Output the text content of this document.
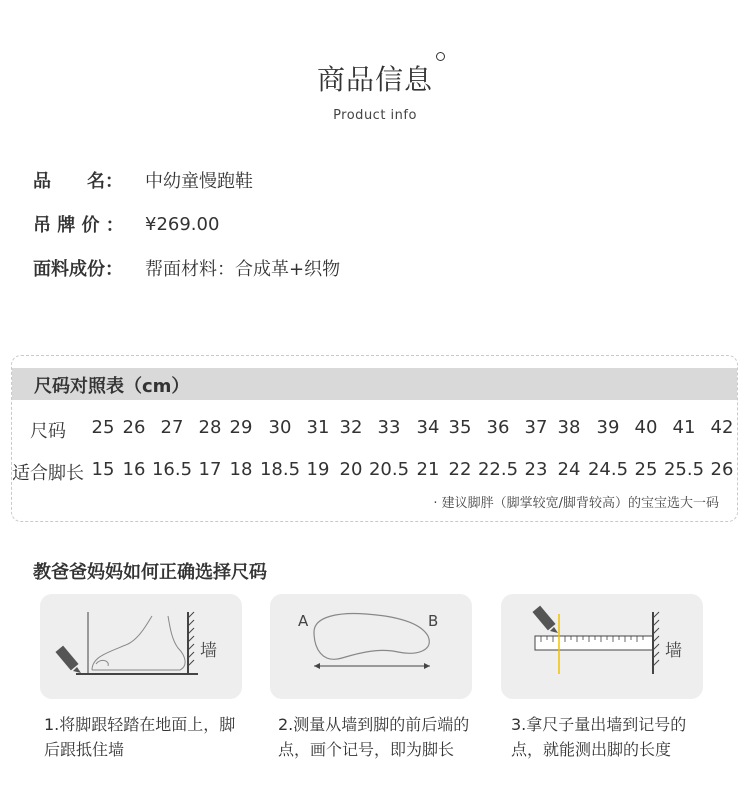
商品信息
Product info
品　　名：	中幼童慢跑鞋
吊 牌 价 ：	¥269.00
面料成份：	帮面材料：合成革+织物
尺码对照表（cm）
尺码 25 26 27 28 29 30 31 32 33 34 35 36 37 38 39 40 41 42
适合脚长 15 16 16.5 17 18 18.5 19 20 20.5 21 22 22.5 23 24 24.5 25 25.5 26
· 建议脚胖（脚掌较宽/脚背较高）的宝宝选大一码
教爸爸妈妈如何正确选择尺码
墙
A	B
墙
1.将脚跟轻踏在地面上，脚后跟抵住墙
2.测量从墙到脚的前后端的点，画个记号，即为脚长
3.拿尺子量出墙到记号的点，就能测出脚的长度
